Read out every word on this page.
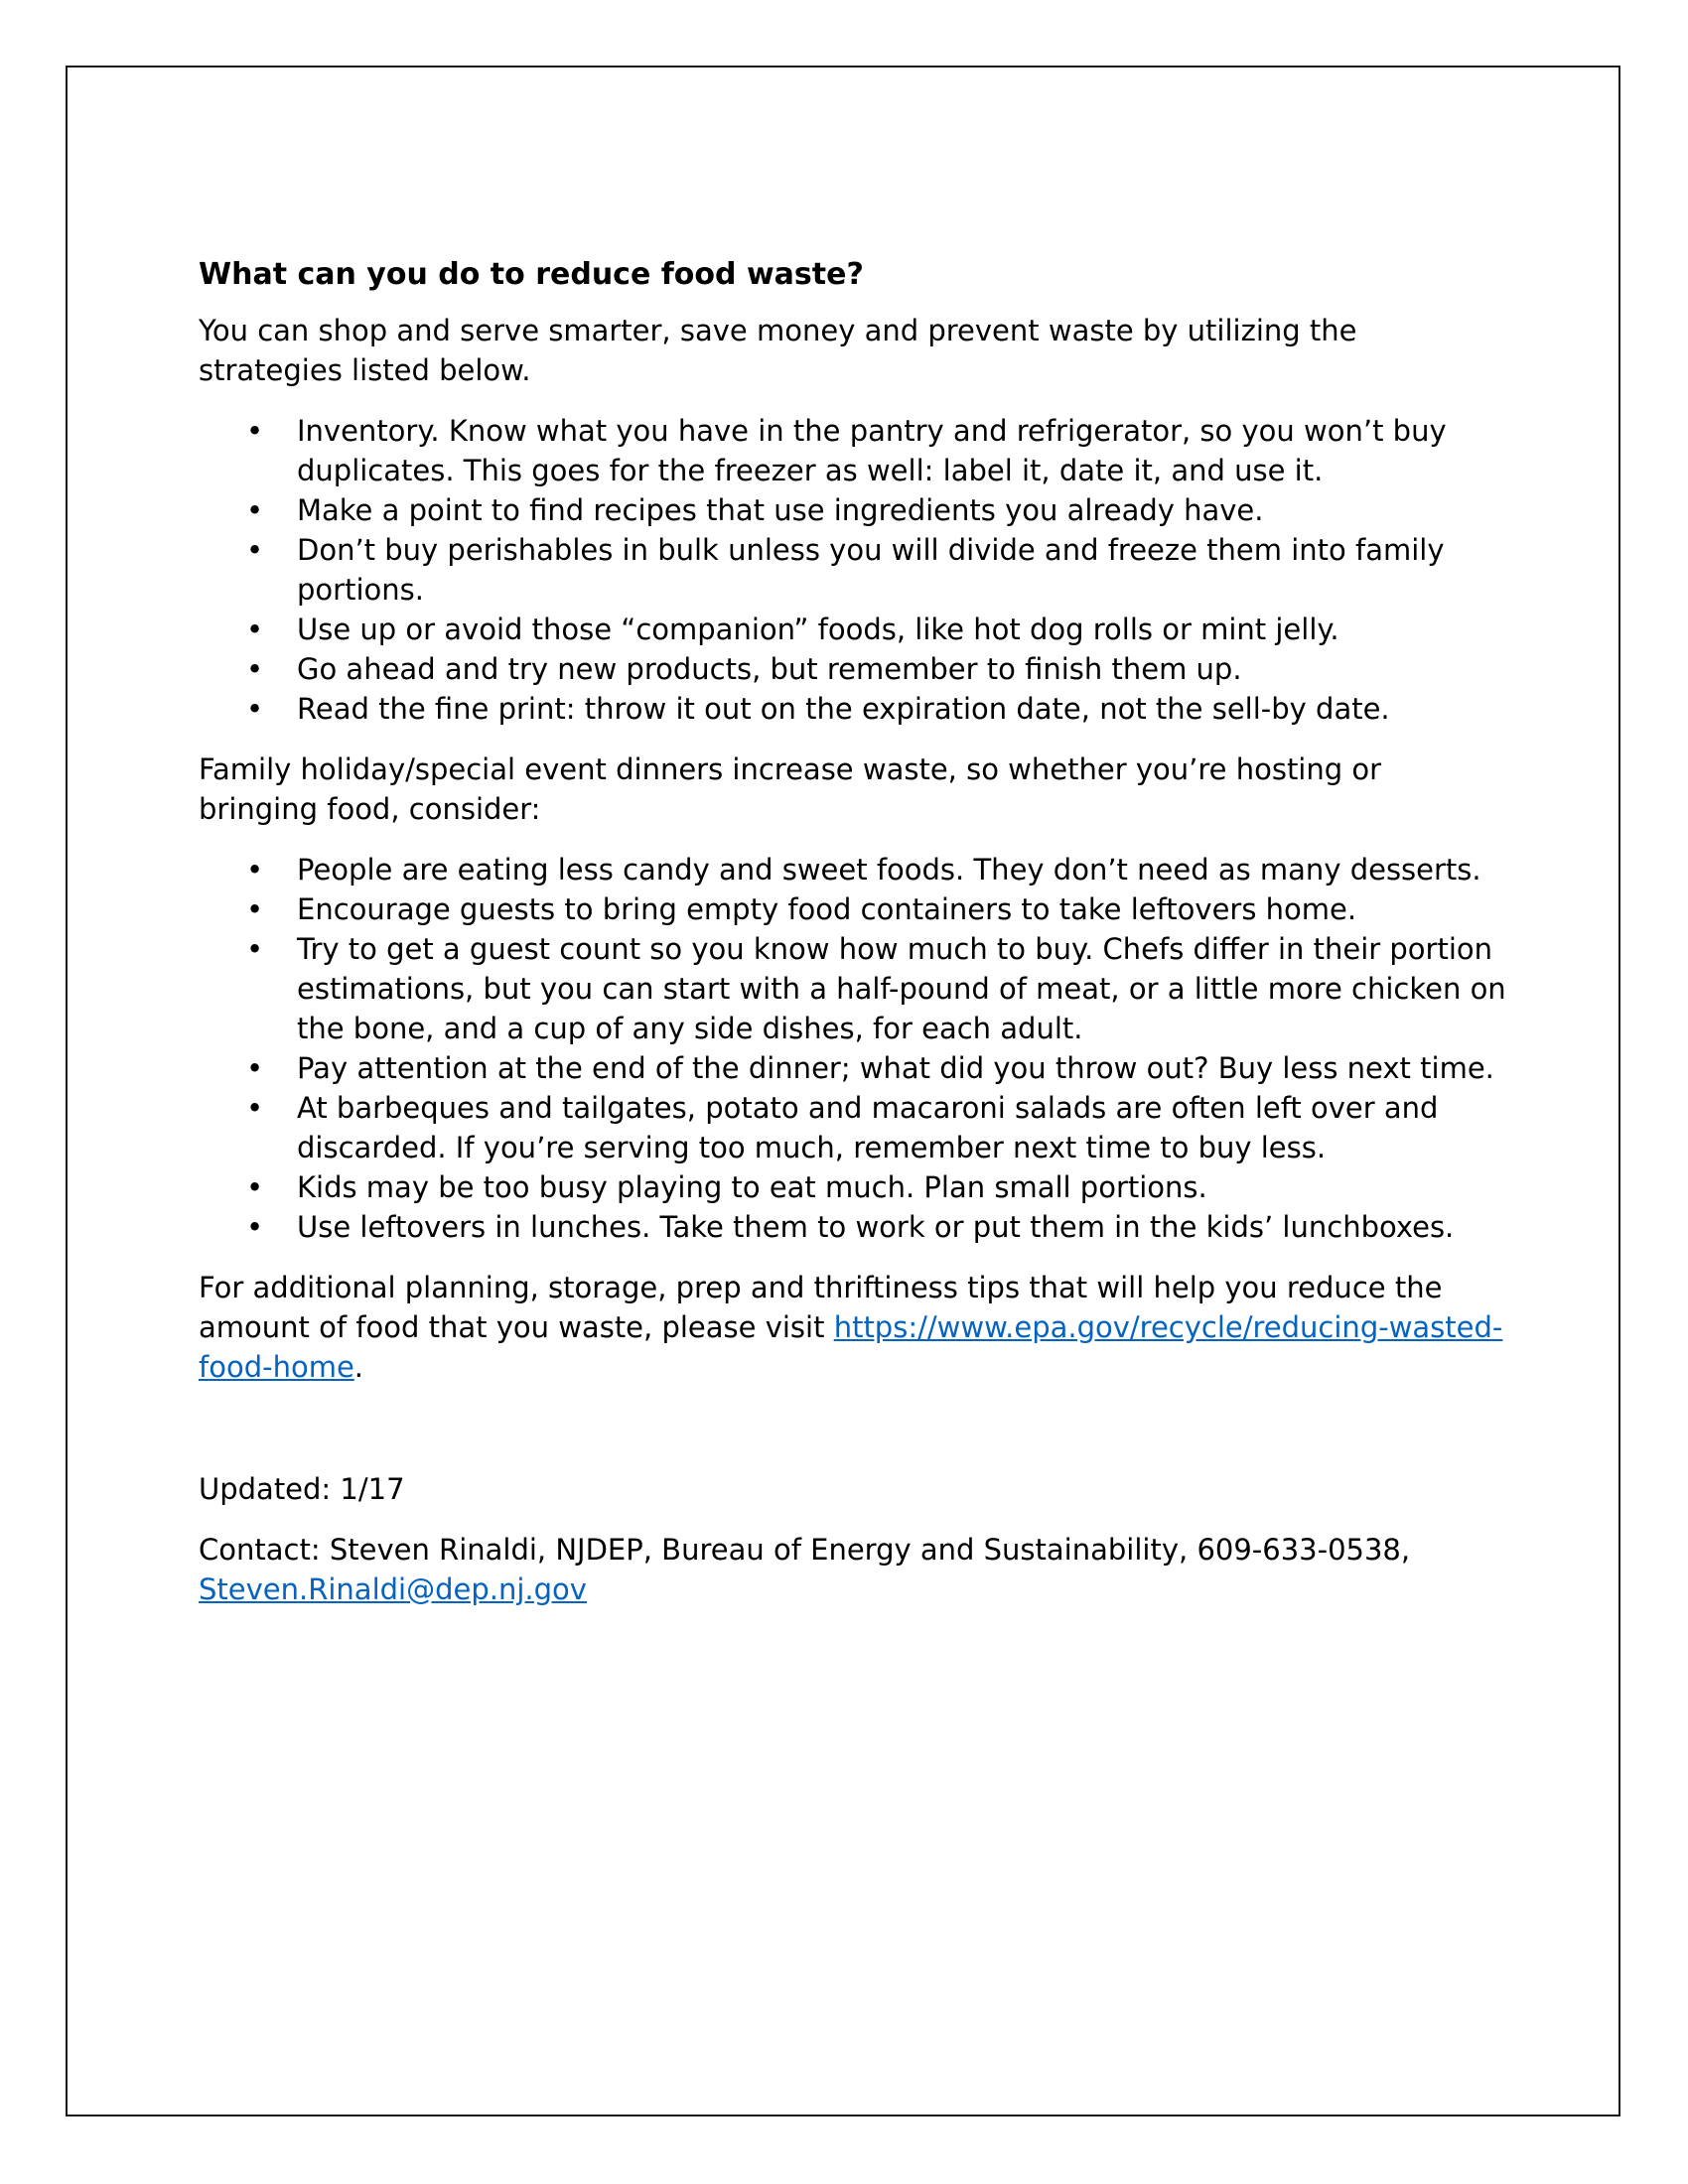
What can you do to reduce food waste?

You can shop and serve smarter, save money and prevent waste by utilizing the strategies listed below.

• Inventory. Know what you have in the pantry and refrigerator, so you won’t buy duplicates. This goes for the freezer as well: label it, date it, and use it.
• Make a point to find recipes that use ingredients you already have.
• Don’t buy perishables in bulk unless you will divide and freeze them into family portions.
• Use up or avoid those “companion” foods, like hot dog rolls or mint jelly.
• Go ahead and try new products, but remember to finish them up.
• Read the fine print: throw it out on the expiration date, not the sell-by date.

Family holiday/special event dinners increase waste, so whether you’re hosting or bringing food, consider:

• People are eating less candy and sweet foods. They don’t need as many desserts.
• Encourage guests to bring empty food containers to take leftovers home.
• Try to get a guest count so you know how much to buy. Chefs differ in their portion estimations, but you can start with a half-pound of meat, or a little more chicken on the bone, and a cup of any side dishes, for each adult.
• Pay attention at the end of the dinner; what did you throw out? Buy less next time.
• At barbeques and tailgates, potato and macaroni salads are often left over and discarded. If you’re serving too much, remember next time to buy less.
• Kids may be too busy playing to eat much. Plan small portions.
• Use leftovers in lunches. Take them to work or put them in the kids’ lunchboxes.

For additional planning, storage, prep and thriftiness tips that will help you reduce the amount of food that you waste, please visit https://www.epa.gov/recycle/reducing-wasted-food-home.

Updated: 1/17

Contact: Steven Rinaldi, NJDEP, Bureau of Energy and Sustainability, 609-633-0538,
Steven.Rinaldi@dep.nj.gov
